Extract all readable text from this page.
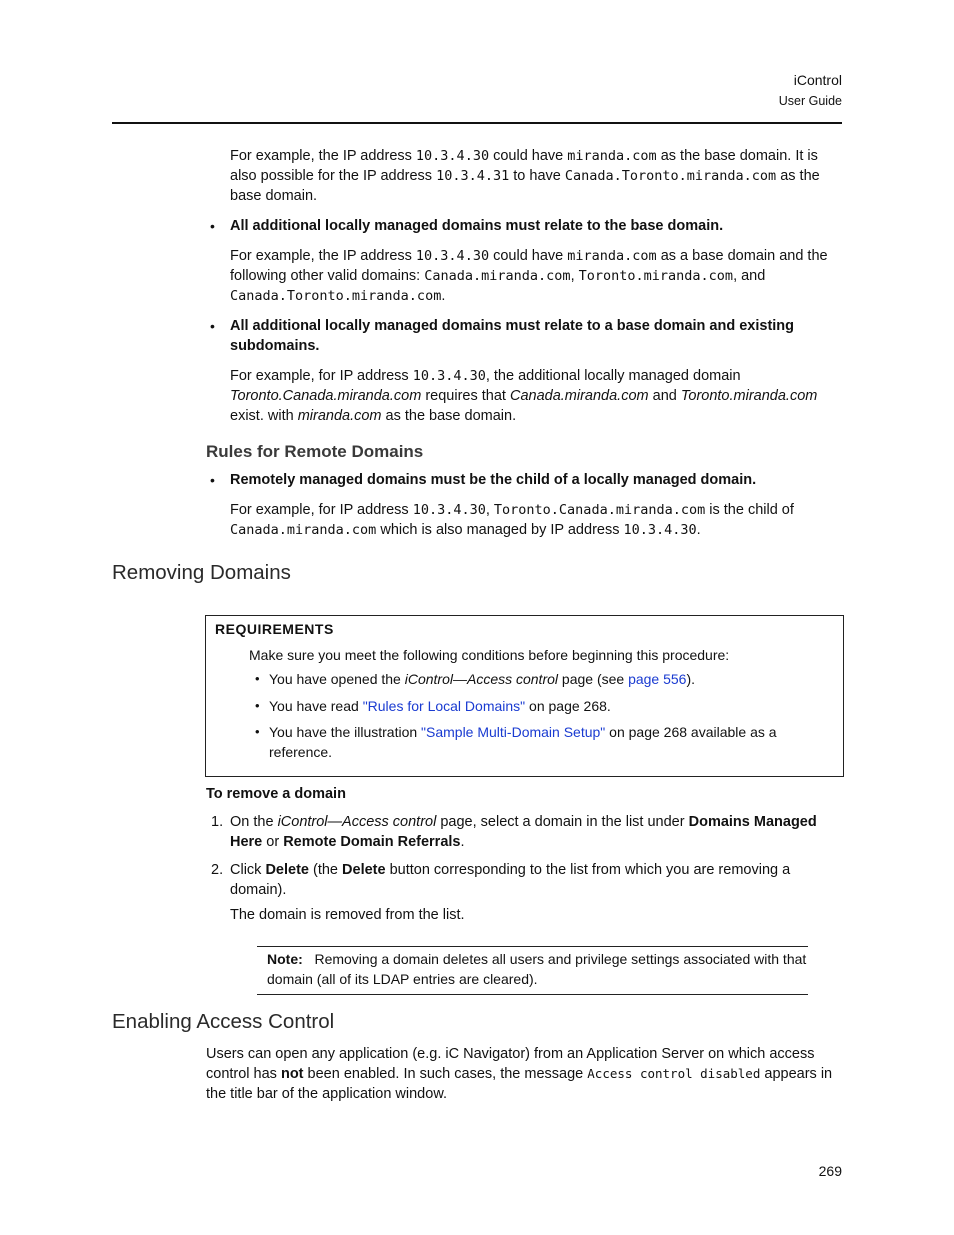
iControl
User Guide
For example, the IP address 10.3.4.30 could have miranda.com as the base domain. It is also possible for the IP address 10.3.4.31 to have Canada.Toronto.miranda.com as the base domain.
• All additional locally managed domains must relate to the base domain.
For example, the IP address 10.3.4.30 could have miranda.com as a base domain and the following other valid domains: Canada.miranda.com, Toronto.miranda.com, and Canada.Toronto.miranda.com.
• All additional locally managed domains must relate to a base domain and existing subdomains.
For example, for IP address 10.3.4.30, the additional locally managed domain Toronto.Canada.miranda.com requires that Canada.miranda.com and Toronto.miranda.com exist. with miranda.com as the base domain.
Rules for Remote Domains
• Remotely managed domains must be the child of a locally managed domain.
For example, for IP address 10.3.4.30, Toronto.Canada.miranda.com is the child of Canada.miranda.com which is also managed by IP address 10.3.4.30.
Removing Domains
REQUIREMENTS
Make sure you meet the following conditions before beginning this procedure:
• You have opened the iControl—Access control page (see page 556).
• You have read "Rules for Local Domains" on page 268.
• You have the illustration "Sample Multi-Domain Setup" on page 268 available as a reference.
To remove a domain
1. On the iControl—Access control page, select a domain in the list under Domains Managed Here or Remote Domain Referrals.
2. Click Delete (the Delete button corresponding to the list from which you are removing a domain).
The domain is removed from the list.
Note: Removing a domain deletes all users and privilege settings associated with that domain (all of its LDAP entries are cleared).
Enabling Access Control
Users can open any application (e.g. iC Navigator) from an Application Server on which access control has not been enabled. In such cases, the message Access control disabled appears in the title bar of the application window.
269
